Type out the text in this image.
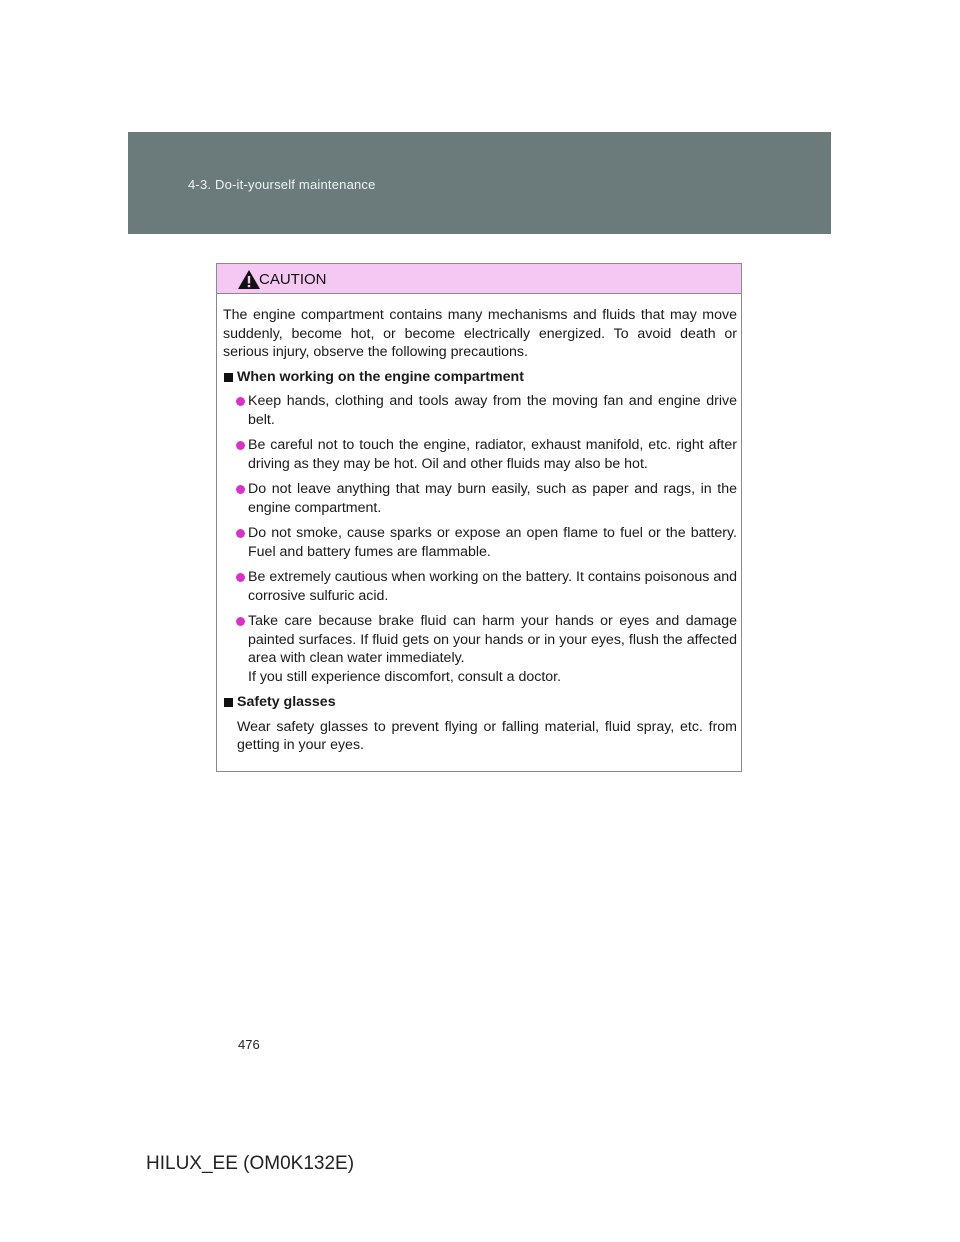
4-3. Do-it-yourself maintenance
CAUTION

The engine compartment contains many mechanisms and fluids that may move suddenly, become hot, or become electrically energized. To avoid death or serious injury, observe the following precautions.

When working on the engine compartment
Keep hands, clothing and tools away from the moving fan and engine drive belt.
Be careful not to touch the engine, radiator, exhaust manifold, etc. right after driving as they may be hot. Oil and other fluids may also be hot.
Do not leave anything that may burn easily, such as paper and rags, in the engine compartment.
Do not smoke, cause sparks or expose an open flame to fuel or the battery. Fuel and battery fumes are flammable.
Be extremely cautious when working on the battery. It contains poisonous and corrosive sulfuric acid.
Take care because brake fluid can harm your hands or eyes and damage painted surfaces. If fluid gets on your hands or in your eyes, flush the affected area with clean water immediately.
If you still experience discomfort, consult a doctor.
Safety glasses

Wear safety glasses to prevent flying or falling material, fluid spray, etc. from getting in your eyes.

476
HILUX_EE (OM0K132E)
